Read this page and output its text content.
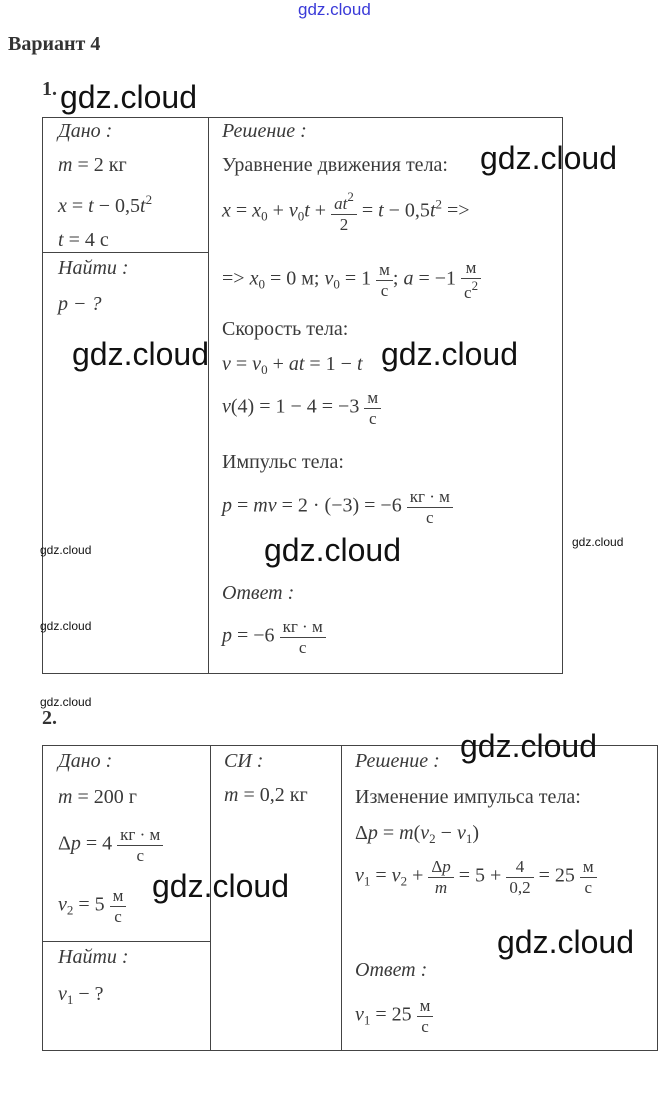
gdz.cloud
Вариант 4
1.
Дано :
m = 2 кг
$x = t - 0,5t^2$
t = 4 с
Найти :
p − ?
Решение :
Уравнение движения тела:
$x = x_0 + v_0t + \frac{at^2}{2} = t - 0,5t^2$ =>
=> $x_0 = 0$ м; $v_0 = 1 \frac{м}{с}$ ; $a = -1 \frac{м}{с^2}$
Скорость тела:
$v = v_0$ + at = 1 − t
$v(4) = 1 - 4 = -3 \frac{м}{с}$
Импульс тела:
p = mv = $2 \cdot (-3) = -6 \frac{кг \cdot м}{с}$
Ответ :
$p = -6 \frac{кг \cdot м}{с}$
2.
Дано :
m = 200 г
$\Delta p = 4 \frac{кг \cdot м}{с}$
$v_2 = 5 \frac{м}{с}$
Найти :
$v_1$ − ?
СИ :
m = 0,2 кг
Решение :
Изменение импульса тела:
$\Delta p = m(v_2 - v_1)$
$v_1 = v_2 + \frac{\Delta p}{m} = 5 + \frac{4}{0,2} = 25 \frac{м}{с}$
Ответ :
$v_1 = 25 \frac{м}{с}$
gdz.cloud
gdz.cloud
gdz.cloud	gdz.cloud
gdz.cloud
gdz.cloud
gdz.cloud
gdz.cloud
gdz.cloud
gdz.cloud
gdz.cloud
gdz.cloud
